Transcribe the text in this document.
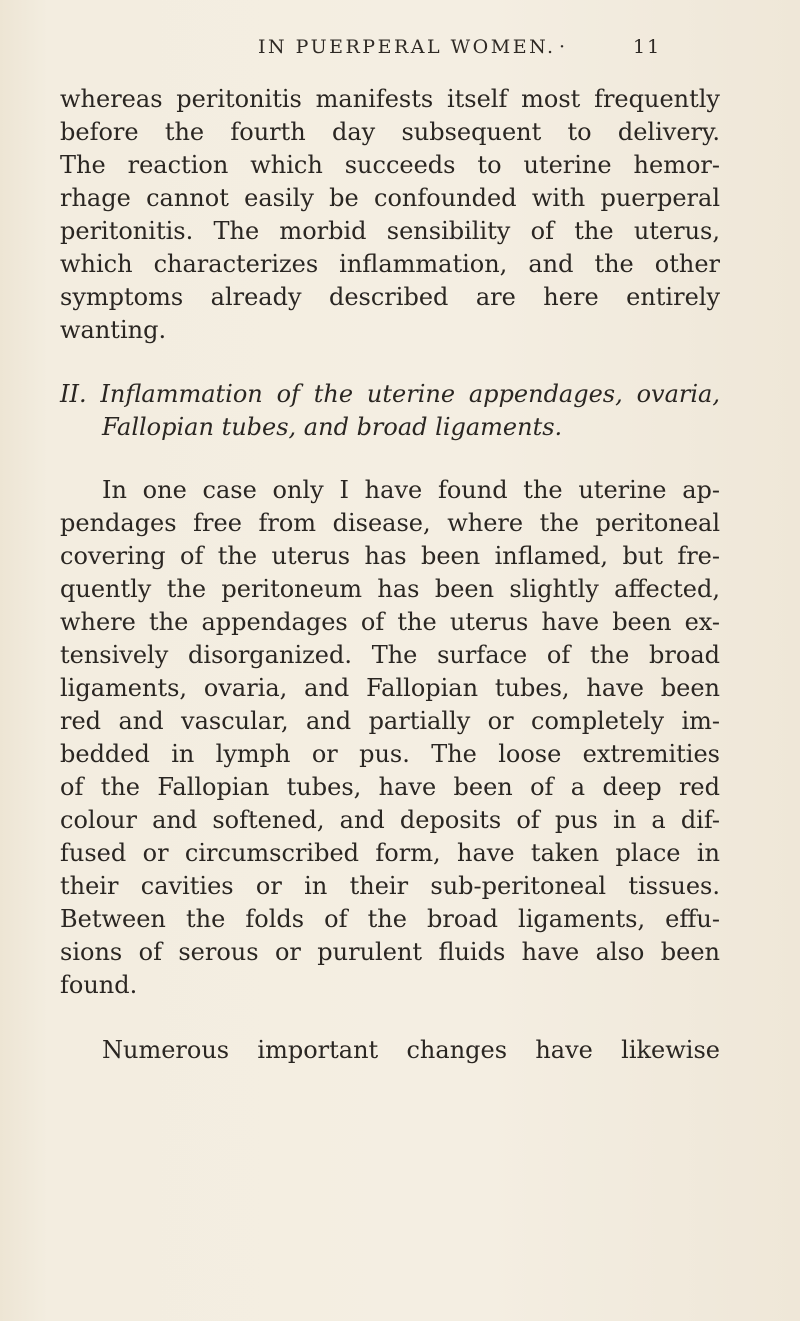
IN PUERPERAL WOMEN. ·	11
whereas peritonitis manifests itself most frequently
before the fourth day subsequent to delivery.
The reaction which succeeds to uterine hemor-
rhage cannot easily be confounded with puerperal
peritonitis. The morbid sensibility of the uterus,
which characterizes inflammation, and the other
symptoms already described are here entirely
wanting.
II. Inflammation of the uterine appendages, ovaria,
Fallopian tubes, and broad ligaments.
In one case only I have found the uterine ap-
pendages free from disease, where the peritoneal
covering of the uterus has been inflamed, but fre-
quently the peritoneum has been slightly affected,
where the appendages of the uterus have been ex-
tensively disorganized. The surface of the broad
ligaments, ovaria, and Fallopian tubes, have been
red and vascular, and partially or completely im-
bedded in lymph or pus. The loose extremities
of the Fallopian tubes, have been of a deep red
colour and softened, and deposits of pus in a dif-
fused or circumscribed form, have taken place in
their cavities or in their sub-peritoneal tissues.
Between the folds of the broad ligaments, effu-
sions of serous or purulent fluids have also been
found.
Numerous important changes have likewise
